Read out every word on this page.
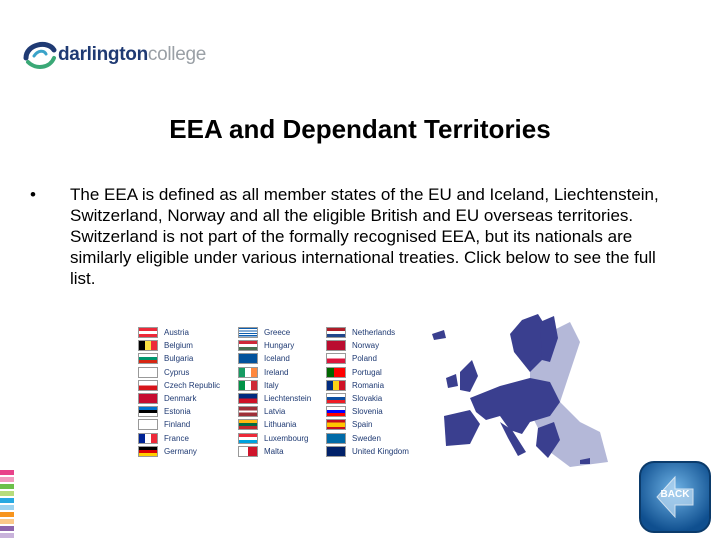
darlingtoncollege
EEA and Dependant Territories
• The EEA is defined as all member states of the EU and Iceland, Liechtenstein, Switzerland, Norway and all the eligible British and EU overseas territories. Switzerland is not part of the formally recognised EEA, but its nationals are similarly eligible under various international treaties. Click below to see the full list.
Austria
Belgium
Bulgaria
Cyprus
Czech Republic
Denmark
Estonia
Finland
France
Germany
Greece
Hungary
Iceland
Ireland
Italy
Liechtenstein
Latvia
Lithuania
Luxembourg
Malta
Netherlands
Norway
Poland
Portugal
Romania
Slovakia
Slovenia
Spain
Sweden
United Kingdom
BACK
